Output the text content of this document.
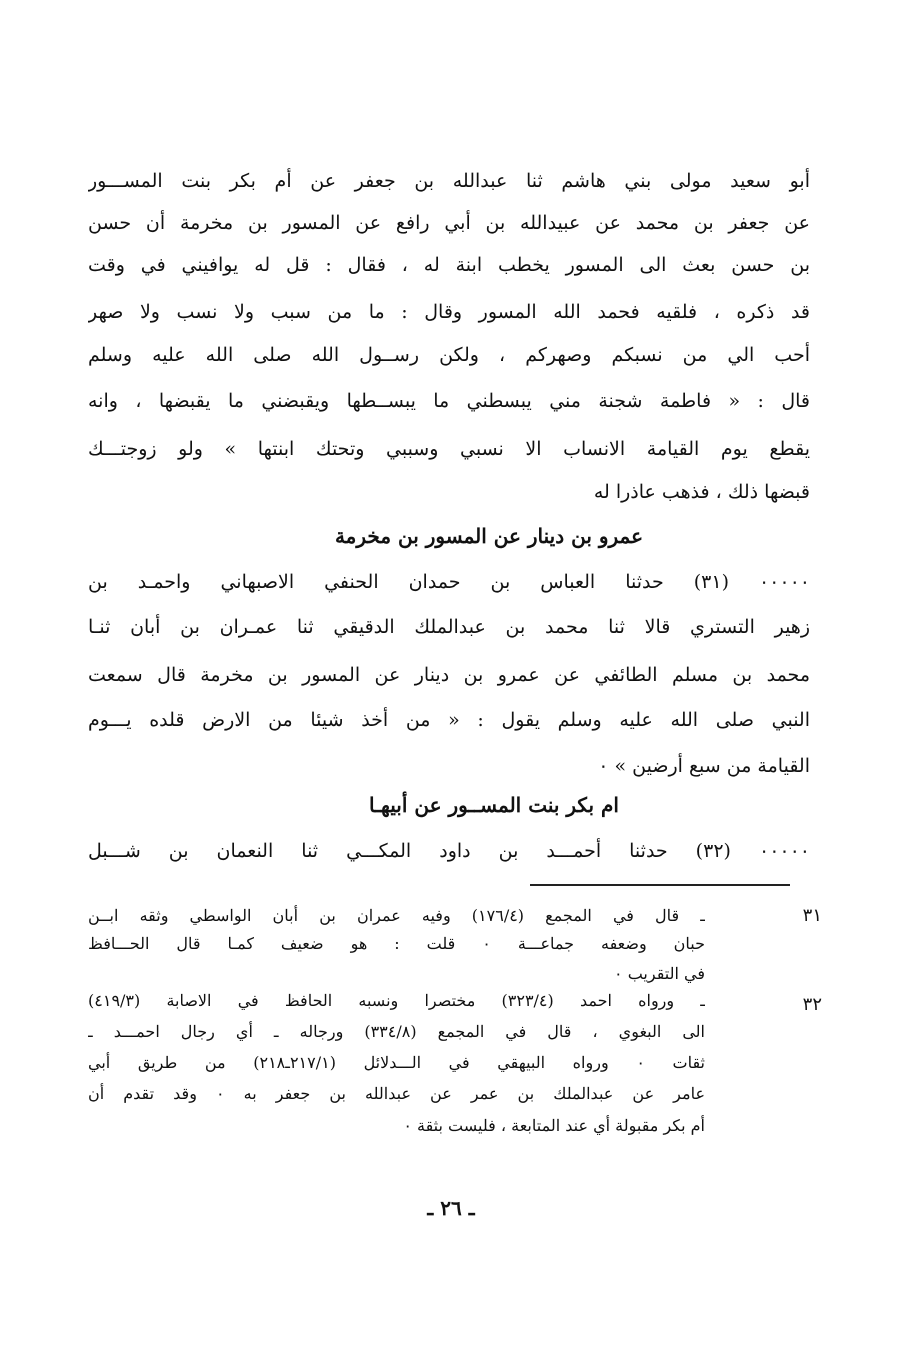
أبو سعيد مولى بني هاشم ثنا عبدالله بن جعفر عن أم بكر بنت المســـور
عن جعفر بن محمد عن عبيدالله بن أبي رافع عن المسور بن مخرمة أن حسن
بن حسن بعث الى المسور يخطب ابنة له ، فقال : قل له يوافيني في وقت
قد ذكره ، فلقيه فحمد الله المسور وقال : ما من سبب ولا نسب ولا صهر
أحب الي من نسبكم وصهركم ، ولكن رســول الله صلى الله عليه وسلم
قال : « فاطمة شجنة مني يبسطني ما يبســطها ويقبضني ما يقبضها ، وانه
يقطع يوم القيامة الانساب الا نسبي وسببي وتحتك ابنتها » ولو زوجتـــك
قبضها ذلك ، فذهب عاذرا له
عمرو بن دينار عن المسور بن مخرمة
٠٠٠٠٠ (٣١) حدثنا العباس بن حمدان الحنفي الاصبهاني واحمـد بن
زهير التستري قالا ثنا محمد بن عبدالملك الدقيقي ثنا عمـران بن أبان ثنـا
محمد بن مسلم الطائفي عن عمرو بن دينار عن المسور بن مخرمة قال سمعت
النبي صلى الله عليه وسلم يقول : « من أخذ شيئا من الارض قلده يـــوم
القيامة من سبع أرضين » ٠
ام بكر بنت المســور عن أبيهـا
٠٠٠٠٠ (٣٢) حدثنا أحمـــد بن داود المكـــي ثنا النعمان بن شـــبل
٣١
ـ قال في المجمع (١٧٦/٤) وفيه عمران بن أبان الواسطي وثقه ابــن
حبان وضعفه جماعـــة ٠ قلت : هو ضعيف كمـا قال الحـــافظ
في التقريب ٠
٣٢
ـ ورواه احمد (٣٢٣/٤) مختصرا ونسبه الحافظ في الاصابة (٤١٩/٣)
الى البغوي ، قال في المجمع (٣٣٤/٨) ورجاله ـ أي رجال احمـــد ـ
ثقات ٠ ورواه البيهقي في الـــدلائل (٢١٧/١ـ٢١٨) من طريق أبي
عامر عن عبدالملك بن عمر عن عبدالله بن جعفر به ٠ وقد تقدم أن
أم بكر مقبولة أي عند المتابعة ، فليست بثقة ٠
ـ ٢٦ ـ
